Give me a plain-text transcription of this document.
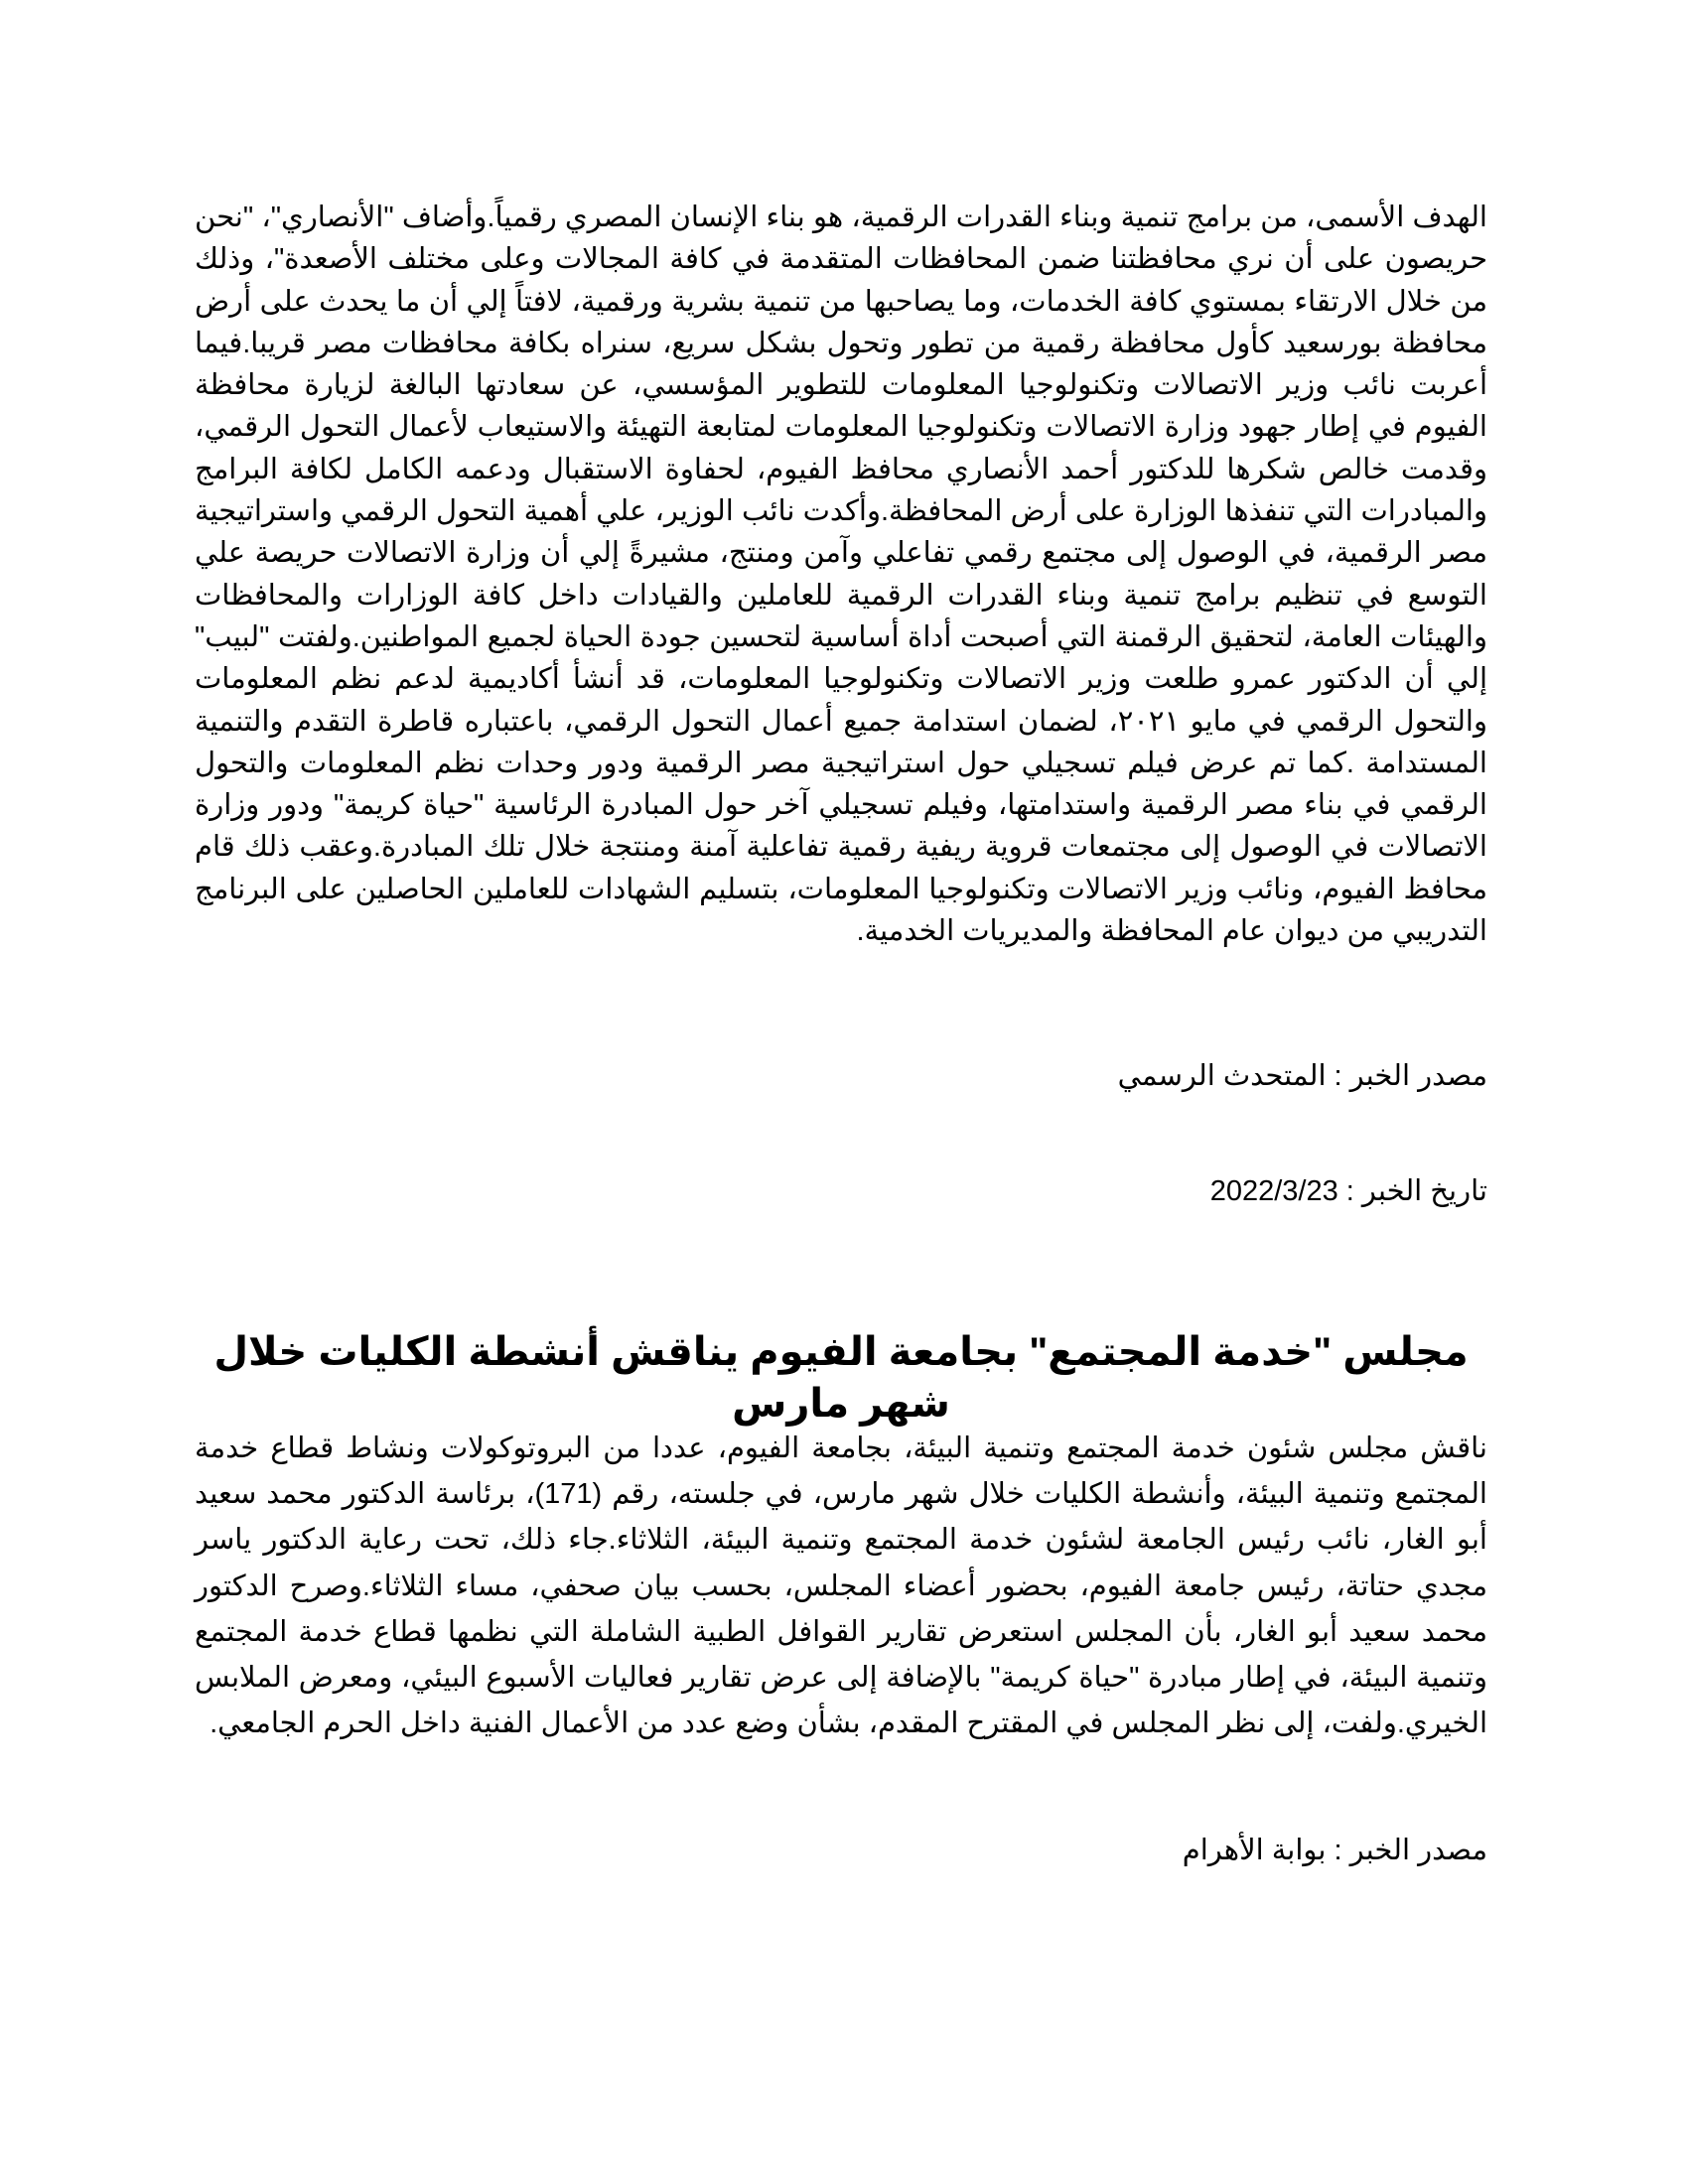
الهدف الأسمى، من برامج تنمية وبناء القدرات الرقمية، هو بناء الإنسان المصري رقمياً.وأضاف "الأنصاري"، "نحن حريصون على أن نري محافظتنا ضمن المحافظات المتقدمة في كافة المجالات وعلى مختلف الأصعدة"، وذلك من خلال الارتقاء بمستوي كافة الخدمات، وما يصاحبها من تنمية بشرية ورقمية، لافتاً إلي أن ما يحدث على أرض محافظة بورسعيد كأول محافظة رقمية من تطور وتحول بشكل سريع، سنراه بكافة محافظات مصر قريبا.فيما أعربت نائب وزير الاتصالات وتكنولوجيا المعلومات للتطوير المؤسسي، عن سعادتها البالغة لزيارة محافظة الفيوم في إطار جهود وزارة الاتصالات وتكنولوجيا المعلومات لمتابعة التهيئة والاستيعاب لأعمال التحول الرقمي، وقدمت خالص شكرها للدكتور أحمد الأنصاري محافظ الفيوم، لحفاوة الاستقبال ودعمه الكامل لكافة البرامج والمبادرات التي تنفذها الوزارة على أرض المحافظة.وأكدت نائب الوزير، علي أهمية التحول الرقمي واستراتيجية مصر الرقمية، في الوصول إلى مجتمع رقمي تفاعلي وآمن ومنتج، مشيرةً إلي أن وزارة الاتصالات حريصة علي التوسع في تنظيم برامج تنمية وبناء القدرات الرقمية للعاملين والقيادات داخل كافة الوزارات والمحافظات والهيئات العامة، لتحقيق الرقمنة التي أصبحت أداة أساسية لتحسين جودة الحياة لجميع المواطنين.ولفتت "لبيب" إلي أن الدكتور عمرو طلعت وزير الاتصالات وتكنولوجيا المعلومات، قد أنشأ أكاديمية لدعم نظم المعلومات والتحول الرقمي في مايو ٢٠٢١، لضمان استدامة جميع أعمال التحول الرقمي، باعتباره قاطرة التقدم والتنمية المستدامة .كما تم عرض فيلم تسجيلي حول استراتيجية مصر الرقمية ودور وحدات نظم المعلومات والتحول الرقمي في بناء مصر الرقمية واستدامتها، وفيلم تسجيلي آخر حول المبادرة الرئاسية "حياة كريمة" ودور وزارة الاتصالات في الوصول إلى مجتمعات قروية ريفية رقمية تفاعلية آمنة ومنتجة خلال تلك المبادرة.وعقب ذلك قام محافظ الفيوم، ونائب وزير الاتصالات وتكنولوجيا المعلومات، بتسليم الشهادات للعاملين الحاصلين على البرنامج التدريبي من ديوان عام المحافظة والمديريات الخدمية.

مصدر الخبر : المتحدث الرسمي

تاريخ الخبر : 2022/3/23

مجلس "خدمة المجتمع" بجامعة الفيوم يناقش أنشطة الكليات خلال شهر مارس

ناقش مجلس شئون خدمة المجتمع وتنمية البيئة، بجامعة الفيوم، عددا من البروتوكولات ونشاط قطاع خدمة المجتمع وتنمية البيئة، وأنشطة الكليات خلال شهر مارس، في جلسته، رقم (171)، برئاسة الدكتور محمد سعيد أبو الغار، نائب رئيس الجامعة لشئون خدمة المجتمع وتنمية البيئة، الثلاثاء.جاء ذلك، تحت رعاية الدكتور ياسر مجدي حتاتة، رئيس جامعة الفيوم، بحضور أعضاء المجلس، بحسب بيان صحفي، مساء الثلاثاء.وصرح الدكتور محمد سعيد أبو الغار، بأن المجلس استعرض تقارير القوافل الطبية الشاملة التي نظمها قطاع خدمة المجتمع وتنمية البيئة، في إطار مبادرة "حياة كريمة" بالإضافة إلى عرض تقارير فعاليات الأسبوع البيئي، ومعرض الملابس الخيري.ولفت، إلى نظر المجلس في المقترح المقدم، بشأن وضع عدد من الأعمال الفنية داخل الحرم الجامعي.

مصدر الخبر : بوابة الأهرام
